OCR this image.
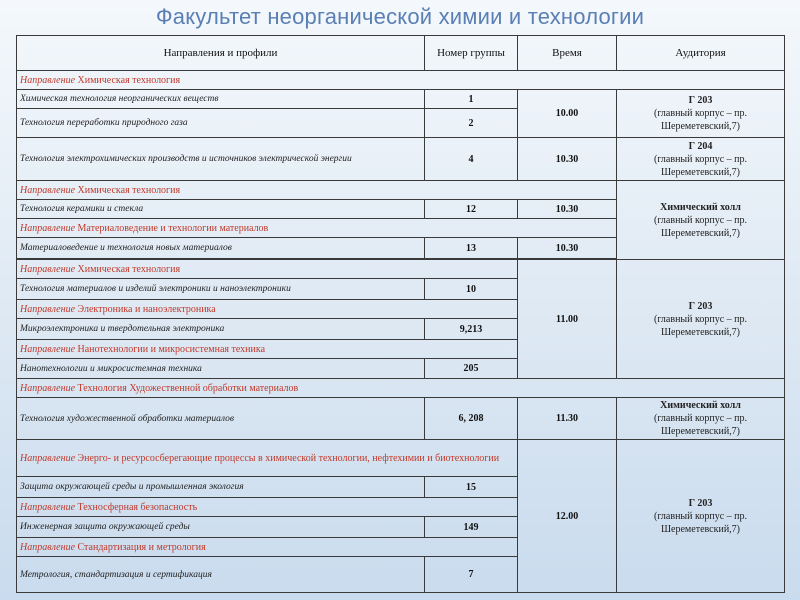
Факультет неорганической химии и технологии
Направления и профили	Номер группы	Время	Аудитория
Направление Химическая технология			
Химическая технология неорганических веществ	1	10.00	Г 203
(главный корпус – пр.
Шереметевский,7)
Технология переработки природного газа	2		
Технология электрохимических производств и источников электрической энергии	4	10.30	Г 204
(главный корпус – пр.
Шереметевский,7)
Направление Химическая технология			Химический холл
(главный корпус – пр.
Шереметевский,7)
Технология керамики и стекла	12	10.30	
Направление Материаловедение и технологии материалов			
Материаловедение и технология новых материалов	13	10.30	

Направление Химическая технология		11.00	Г 203
(главный корпус – пр.
Шереметевский,7)
Технология материалов и изделий электроники и наноэлектроники	10		
Направление Электроника и наноэлектроника			
Микроэлектроника и твердотельная электроника	9,213		
Направление Нанотехнологии и микросистемная техника			
Нанотехнологии и микросистемная техника	205		
Направление Технология Художественной обработки материалов			
Технология художественной обработки материалов	6, 208	11.30	Химический холл
(главный корпус – пр.
Шереметевский,7)
Направление Энерго- и ресурсосберегающие процессы в химической технологии, нефтехимии и биотехнологии		12.00	Г 203
(главный корпус – пр.
Шереметевский,7)
Защита окружающей среды и промышленная экология	15		
Направление Техносферная безопасность			
Инженерная защита окружающей среды	149		
Направление Стандартизация и метрология			
Метрология, стандартизация и сертификация	7		
